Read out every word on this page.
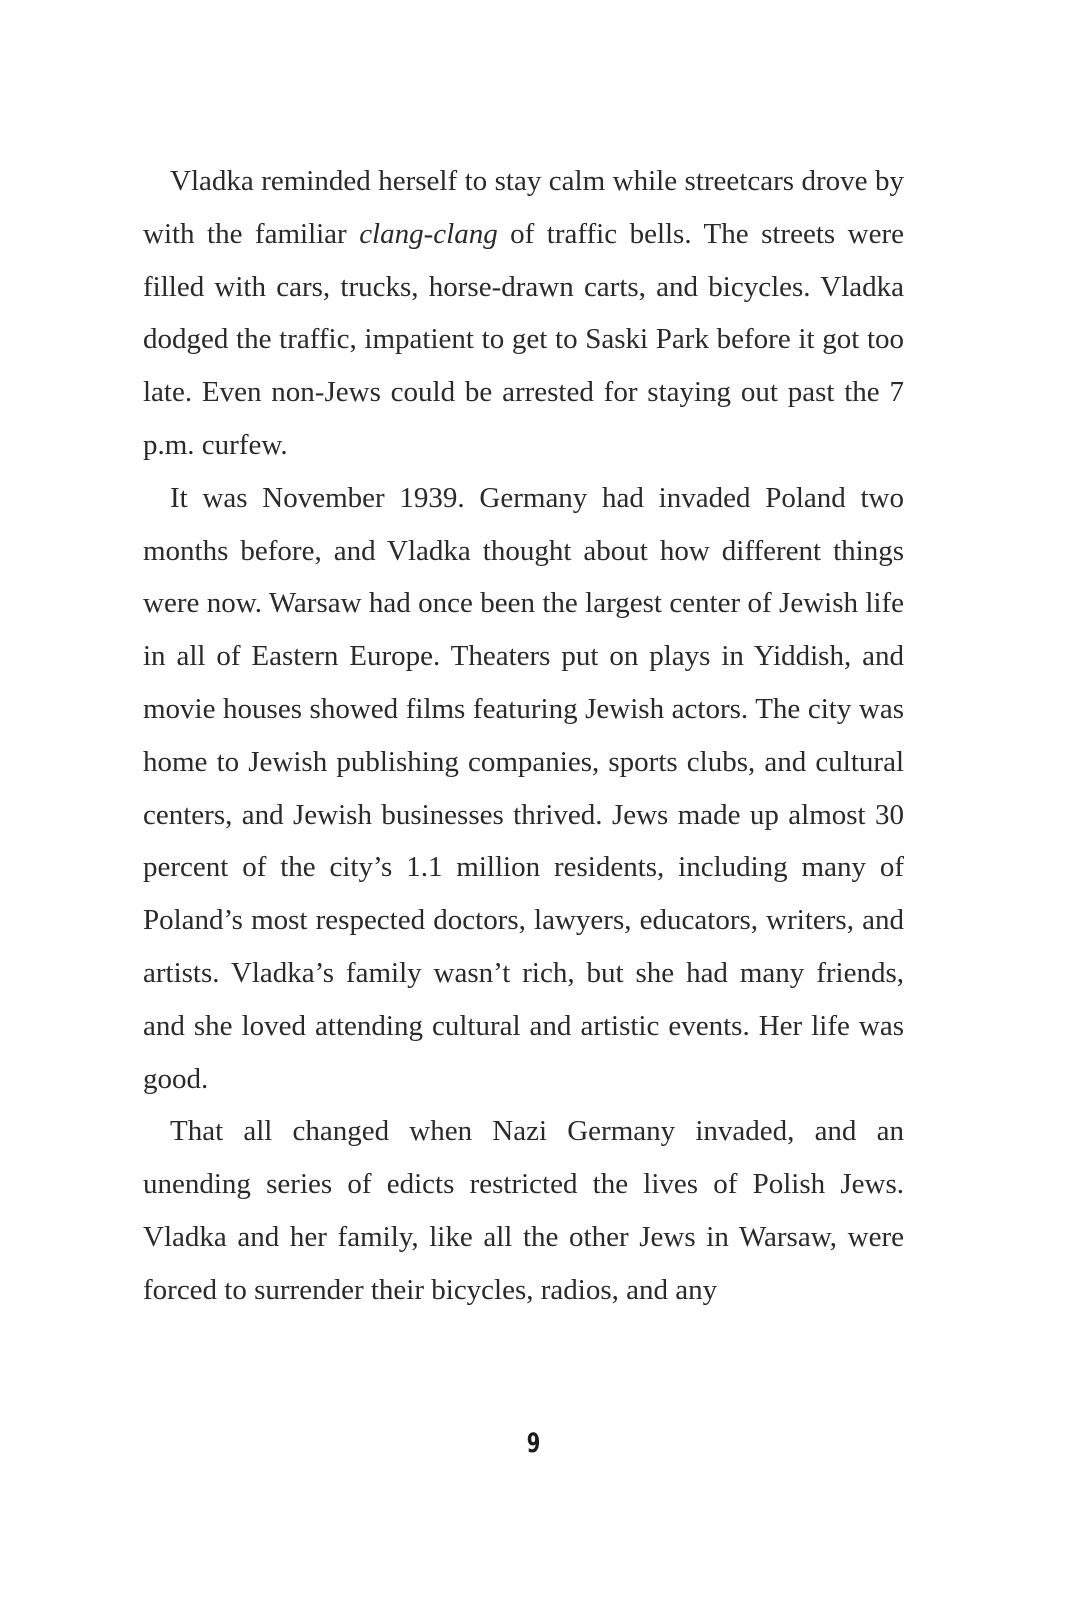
Vladka reminded herself to stay calm while streetcars drove by with the familiar clang-clang of traffic bells. The streets were filled with cars, trucks, horse-drawn carts, and bicycles. Vladka dodged the traffic, impatient to get to Saski Park before it got too late. Even non-Jews could be arrested for staying out past the 7 p.m. curfew.

It was November 1939. Germany had invaded Poland two months before, and Vladka thought about how different things were now. Warsaw had once been the largest center of Jewish life in all of Eastern Europe. Theaters put on plays in Yiddish, and movie houses showed films featuring Jewish actors. The city was home to Jewish publishing companies, sports clubs, and cultural centers, and Jewish businesses thrived. Jews made up almost 30 percent of the city’s 1.1 million residents, including many of Poland’s most respected doctors, lawyers, educators, writers, and artists. Vladka’s family wasn’t rich, but she had many friends, and she loved attending cultural and artistic events. Her life was good.

That all changed when Nazi Germany invaded, and an unending series of edicts restricted the lives of Polish Jews. Vladka and her family, like all the other Jews in Warsaw, were forced to surrender their bicycles, radios, and any

9
